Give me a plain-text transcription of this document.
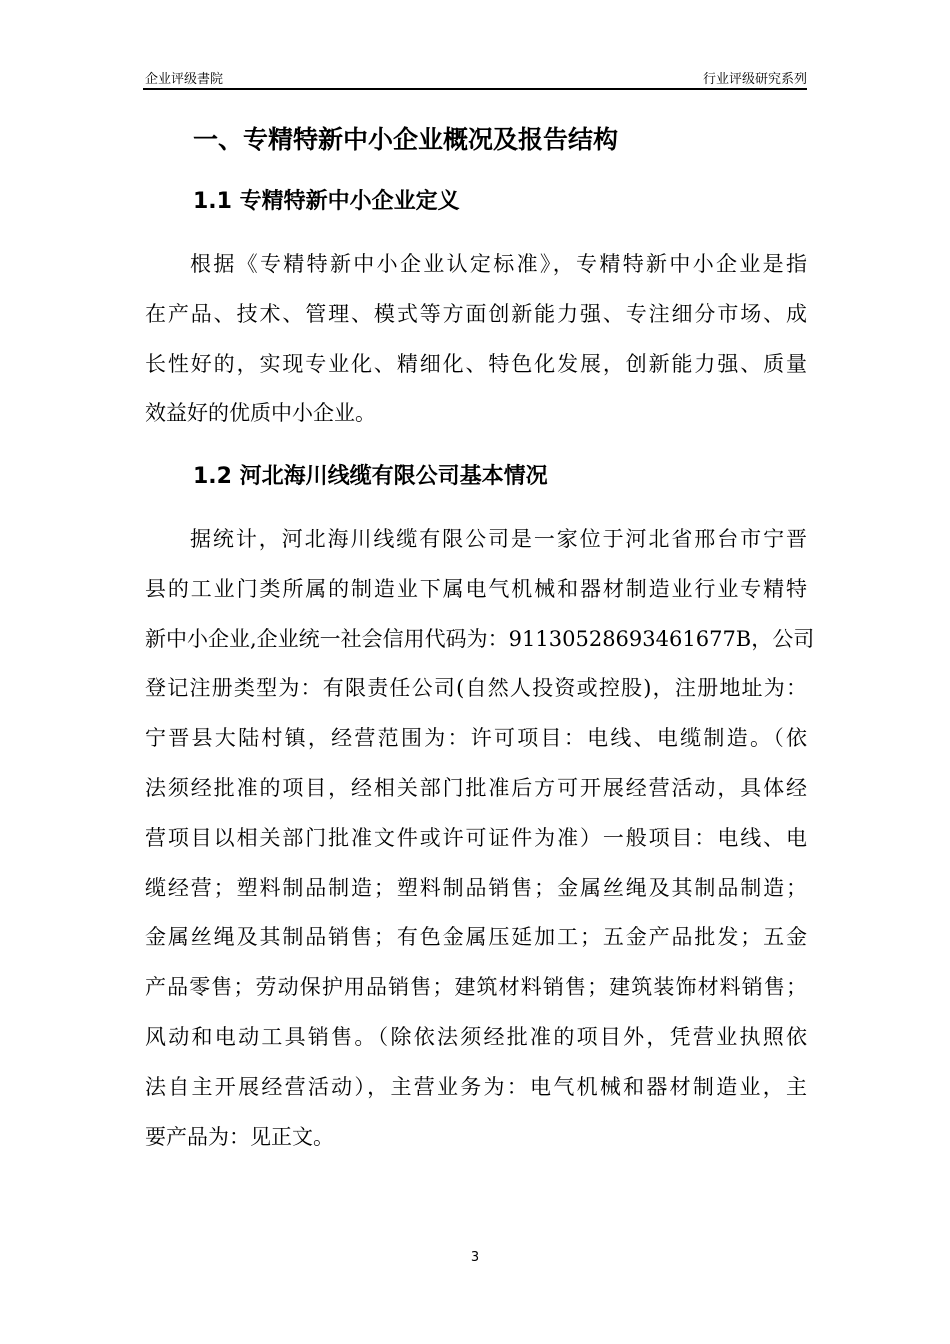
企业评级書院	行业评级研究系列
一、专精特新中小企业概况及报告结构
1.1 专精特新中小企业定义
根据《专精特新中小企业认定标准》，专精特新中小企业是指
在产品、技术、管理、模式等方面创新能力强、专注细分市场、成
长性好的，实现专业化、精细化、特色化发展，创新能力强、质量
效益好的优质中小企业。
1.2 河北海川线缆有限公司基本情况
据统计，河北海川线缆有限公司是一家位于河北省邢台市宁晋
县的工业门类所属的制造业下属电气机械和器材制造业行业专精特
新中小企业,企业统一社会信用代码为：91130528693461677B，公司
登记注册类型为：有限责任公司(自然人投资或控股)，注册地址为：
宁晋县大陆村镇，经营范围为：许可项目：电线、电缆制造。（依
法须经批准的项目，经相关部门批准后方可开展经营活动，具体经
营项目以相关部门批准文件或许可证件为准）一般项目：电线、电
缆经营；塑料制品制造；塑料制品销售；金属丝绳及其制品制造；
金属丝绳及其制品销售；有色金属压延加工；五金产品批发；五金
产品零售；劳动保护用品销售；建筑材料销售；建筑装饰材料销售；
风动和电动工具销售。（除依法须经批准的项目外，凭营业执照依
法自主开展经营活动），主营业务为：电气机械和器材制造业，主
要产品为：见正文。
3
